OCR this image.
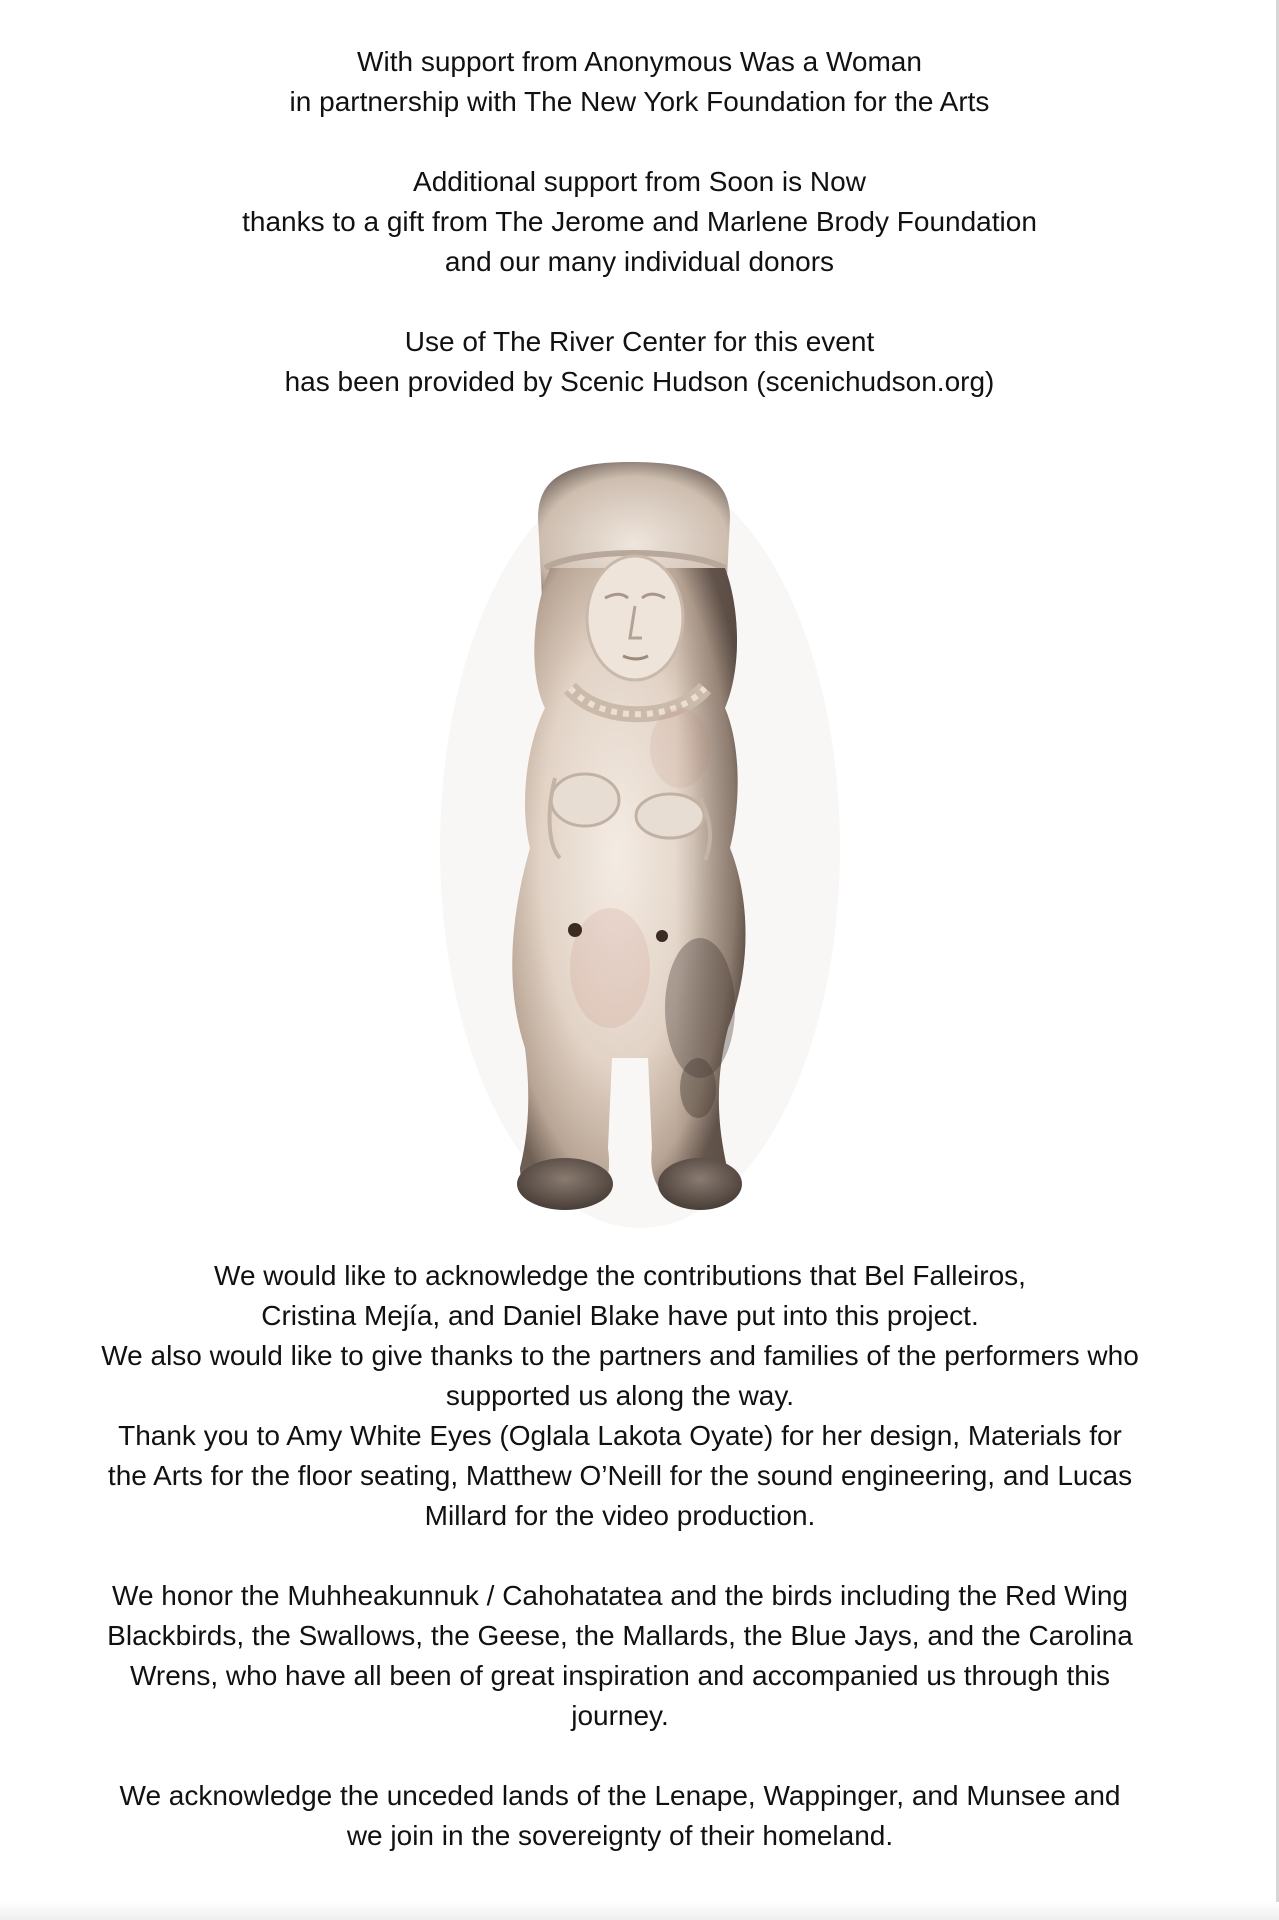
With support from Anonymous Was a Woman

in partnership with The New York Foundation for the Arts

Additional support from Soon is Now

thanks to a gift from The Jerome and Marlene Brody Foundation

and our many individual donors

Use of The River Center for this event

has been provided by Scenic Hudson (scenichudson.org)

We would like to acknowledge the contributions that Bel Falleiros,

Cristina Mejía, and Daniel Blake have put into this project.

We also would like to give thanks to the partners and families of the performers who

supported us along the way.

Thank you to Amy White Eyes (Oglala Lakota Oyate) for her design, Materials for

the Arts for the floor seating, Matthew O’Neill for the sound engineering, and Lucas

Millard for the video production.

We honor the Muhheakunnuk / Cahohatatea and the birds including the Red Wing

Blackbirds, the Swallows, the Geese, the Mallards, the Blue Jays, and the Carolina

Wrens, who have all been of great inspiration and accompanied us through this

journey.

We acknowledge the unceded lands of the Lenape, Wappinger, and Munsee and

we join in the sovereignty of their homeland.
